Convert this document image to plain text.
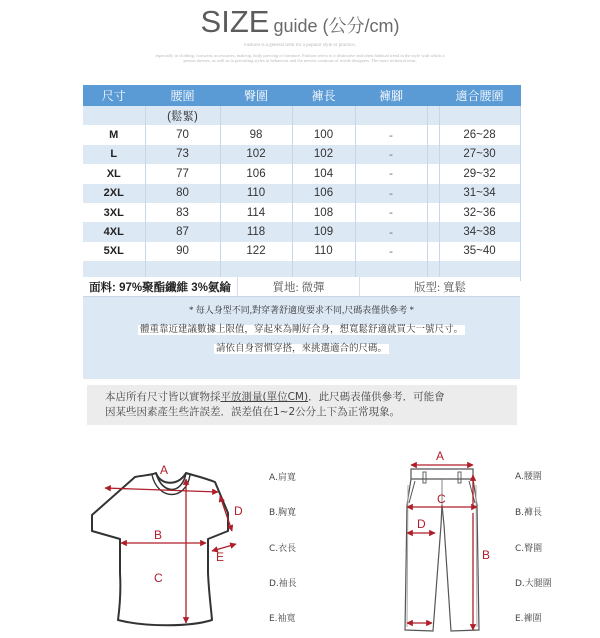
SIZE guide (公分/cm)
Fashion is a general term for a popular style or practice,
especially in clothing, footwear, accessories, makeup, body piercing or furniture. Fashion refers to a distinctive and often habitual trend in the style with which a person dresses, as well as to prevailing styles in behaviour and the newest creations of textile designers. The more technical term.
尺寸	腰圍	臀圍	褲長	褲腳		適合腰圍
	(鬆緊)					
M	70	98	100	-		26~28
L	73	102	102	-		27~30
XL	77	106	104	-		29~32
2XL	80	110	106	-		31~34
3XL	83	114	108	-		32~36
4XL	87	118	109	-		34~38
5XL	90	122	110	-		35~40

面料: 97%聚酯纖維 3%氨綸	質地: 微彈	版型: 寬鬆

* 每人身型不同,對穿著舒適度要求不同,尺碼表僅供參考 *

體重靠近建議數據上限值，穿起來為剛好合身，想寬鬆舒適就買大一號尺寸。

請依自身習慣穿搭，來挑選適合的尺碼。

本店所有尺寸皆以實物採平放測量(單位CM)．此尺碼表僅供參考．可能會
因某些因素產生些許誤差．誤差值在1~2公分上下為正常現象。
A
B
C
D
E
A.肩寬
B.胸寬
C.衣長
D.袖長
E.袖寬
A
C
D
B
A.腰圍
B.褲長
C.臀圍
D.大腿圍
E.褲圍
